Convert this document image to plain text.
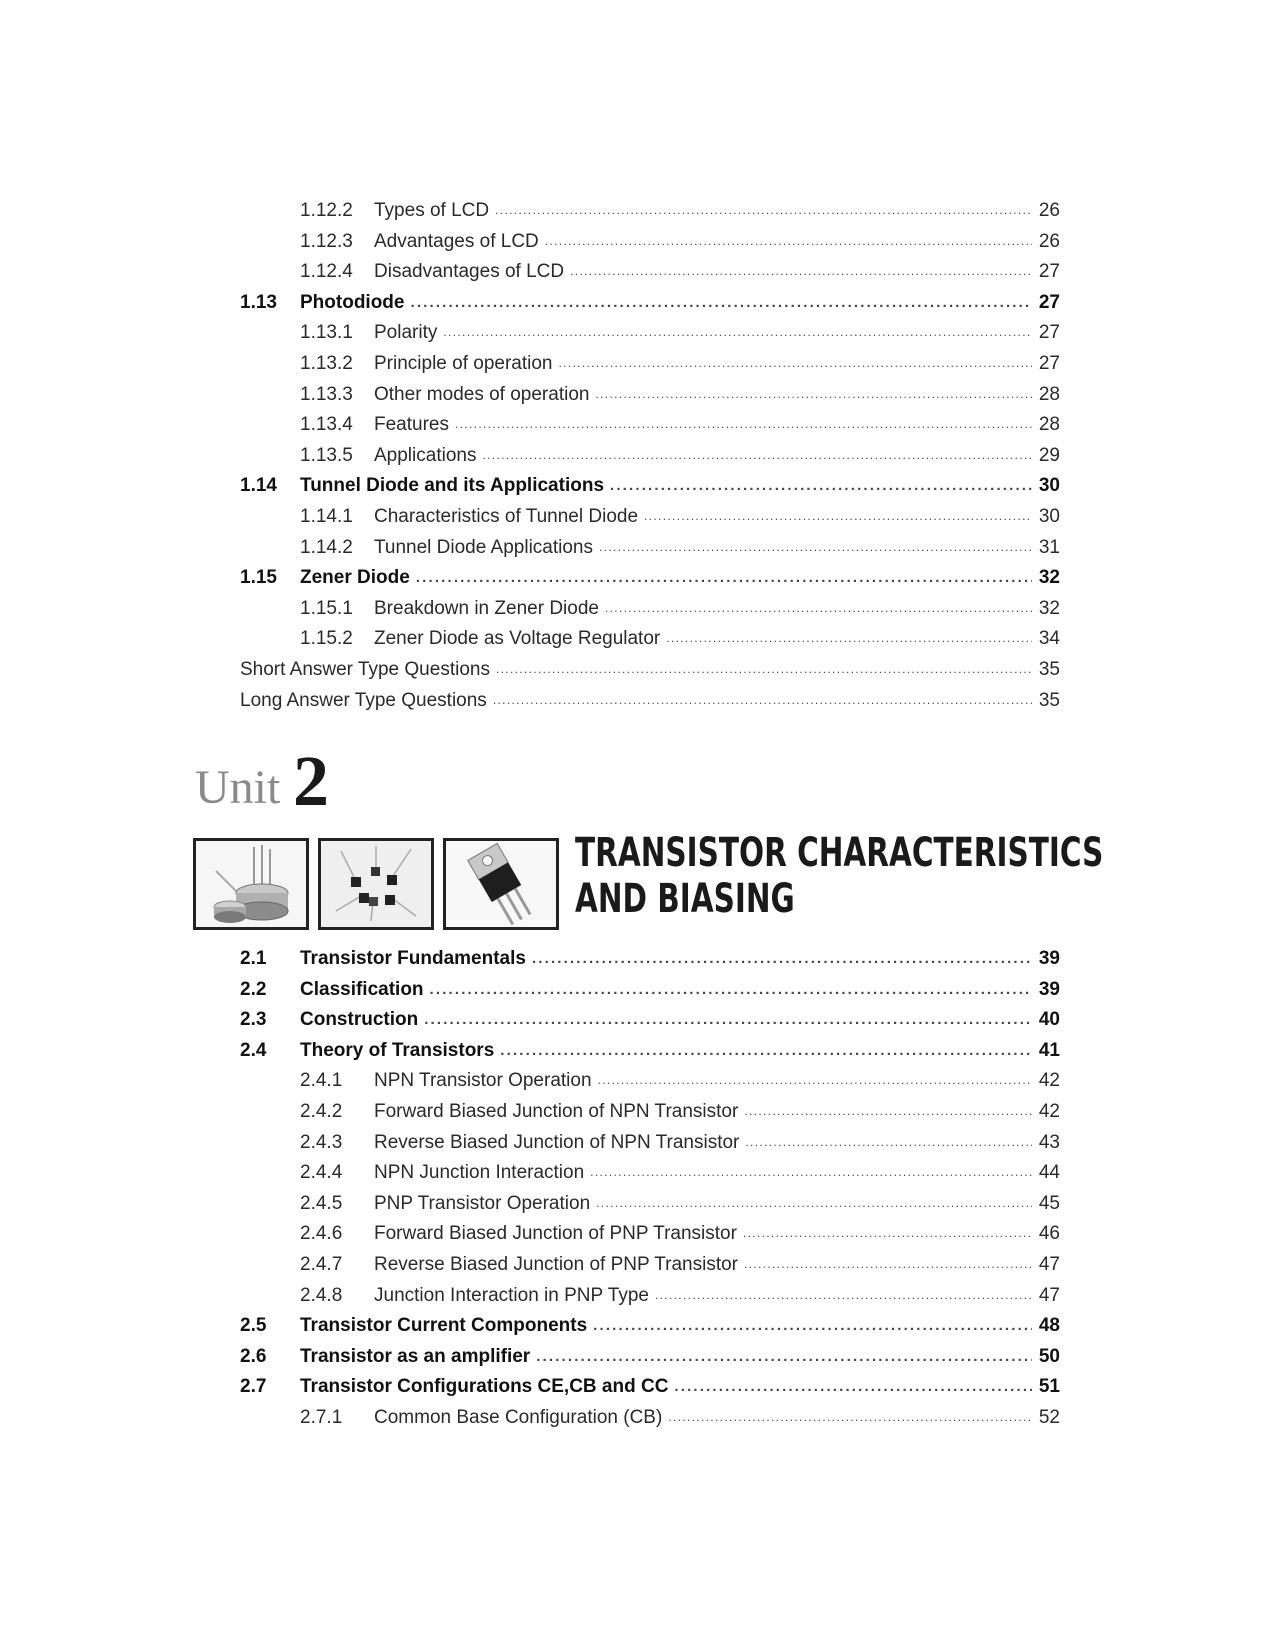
1.12.2	Types of LCD . . .	26
1.12.3	Advantages of LCD . . .	26
1.12.4	Disadvantages of LCD . . .	27
1.13	Photodiode . . .	27
1.13.1	Polarity . . .	27
1.13.2	Principle of operation . . .	27
1.13.3	Other modes of operation . . .	28
1.13.4	Features . . .	28
1.13.5	Applications . . .	29
1.14	Tunnel Diode and its Applications . . .	30
1.14.1	Characteristics of Tunnel Diode . . .	30
1.14.2	Tunnel Diode Applications . . .	31
1.15	Zener Diode . . .	32
1.15.1	Breakdown in Zener Diode . . .	32
1.15.2	Zener Diode as Voltage Regulator . . .	34
Short Answer Type Questions . . .	35
Long Answer Type Questions . . .	35
Unit 2
TRANSISTOR CHARACTERISTICS
AND BIASING
2.1	Transistor Fundamentals . . .	39
2.2	Classification . . .	39
2.3	Construction . . .	40
2.4	Theory of Transistors . . .	41
2.4.1	NPN Transistor Operation . . .	42
2.4.2	Forward Biased Junction of NPN Transistor . . .	42
2.4.3	Reverse Biased Junction of NPN Transistor . . .	43
2.4.4	NPN Junction Interaction . . .	44
2.4.5	PNP Transistor Operation . . .	45
2.4.6	Forward Biased Junction of PNP Transistor . . .	46
2.4.7	Reverse Biased Junction of PNP Transistor . . .	47
2.4.8	Junction Interaction in PNP Type . . .	47
2.5	Transistor Current Components . . .	48
2.6	Transistor as an amplifier . . .	50
2.7	Transistor Configurations CE,CB and CC . . .	51
2.7.1	Common Base Configuration (CB) . . .	52
